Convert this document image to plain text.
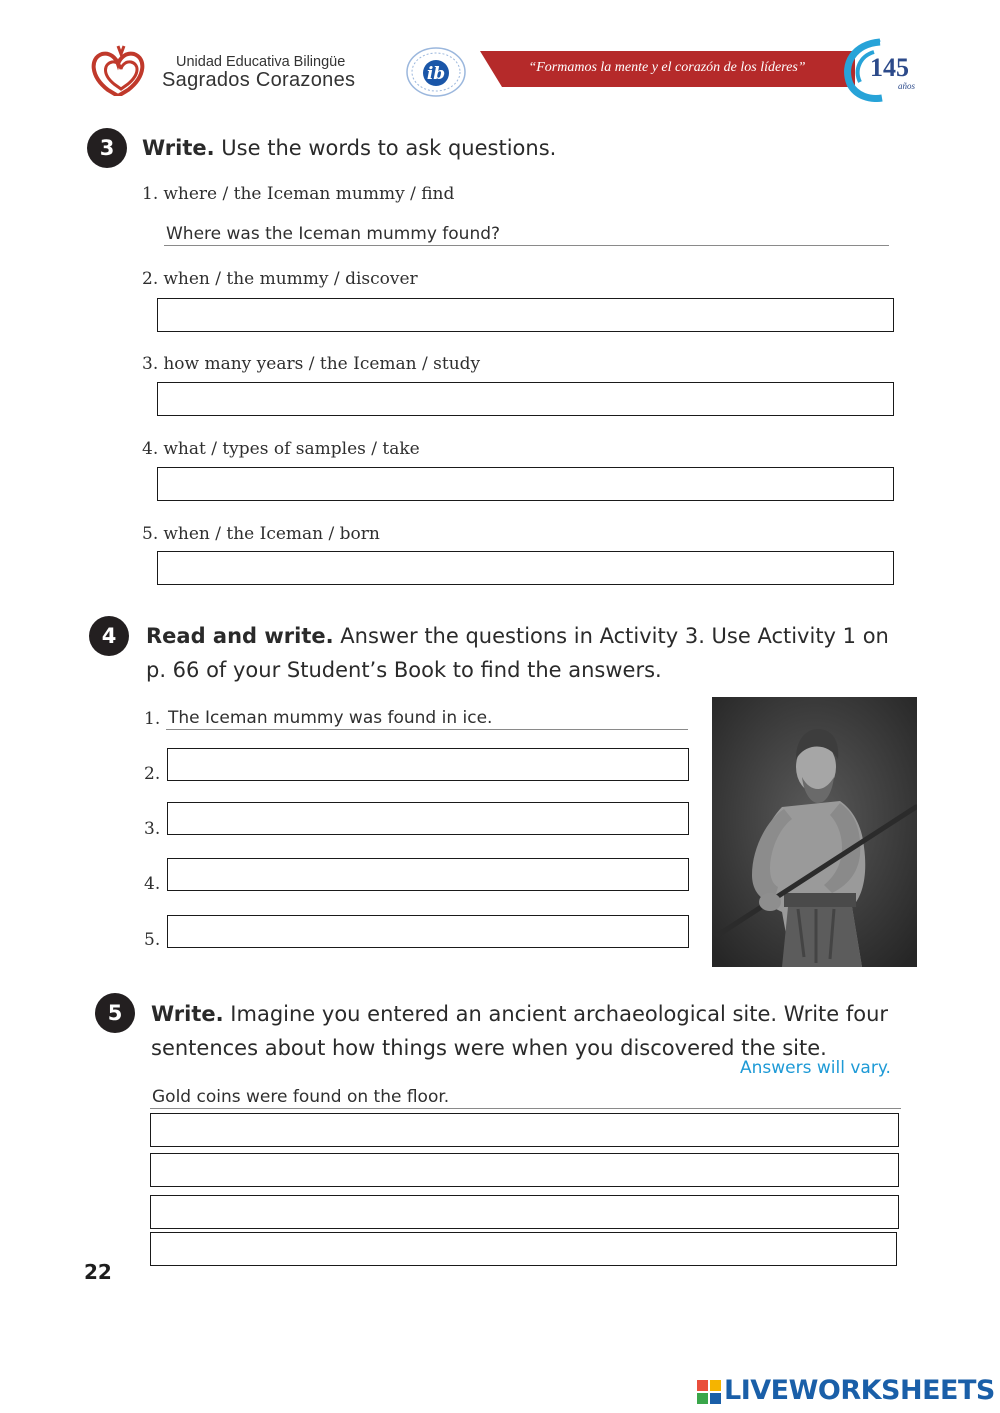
Unidad Educativa Bilingüe
Sagrados Corazones	ib	“Formamos la mente y el corazón de los líderes”	145
años
3	Write. Use the words to ask questions.
1. where / the Iceman mummy / find
Where was the Iceman mummy found?
2. when / the mummy / discover
3. how many years / the Iceman / study
4. what / types of samples / take
5. when / the Iceman / born
4	Read and write. Answer the questions in Activity 3. Use Activity 1 on
p. 66 of your Student’s Book to find the answers.
1. The Iceman mummy was found in ice.
2.
3.
4.
5.
5	Write. Imagine you entered an ancient archaeological site. Write four
sentences about how things were when you discovered the site.
Answers will vary.
Gold coins were found on the floor.
22
LIVEWORKSHEETS
